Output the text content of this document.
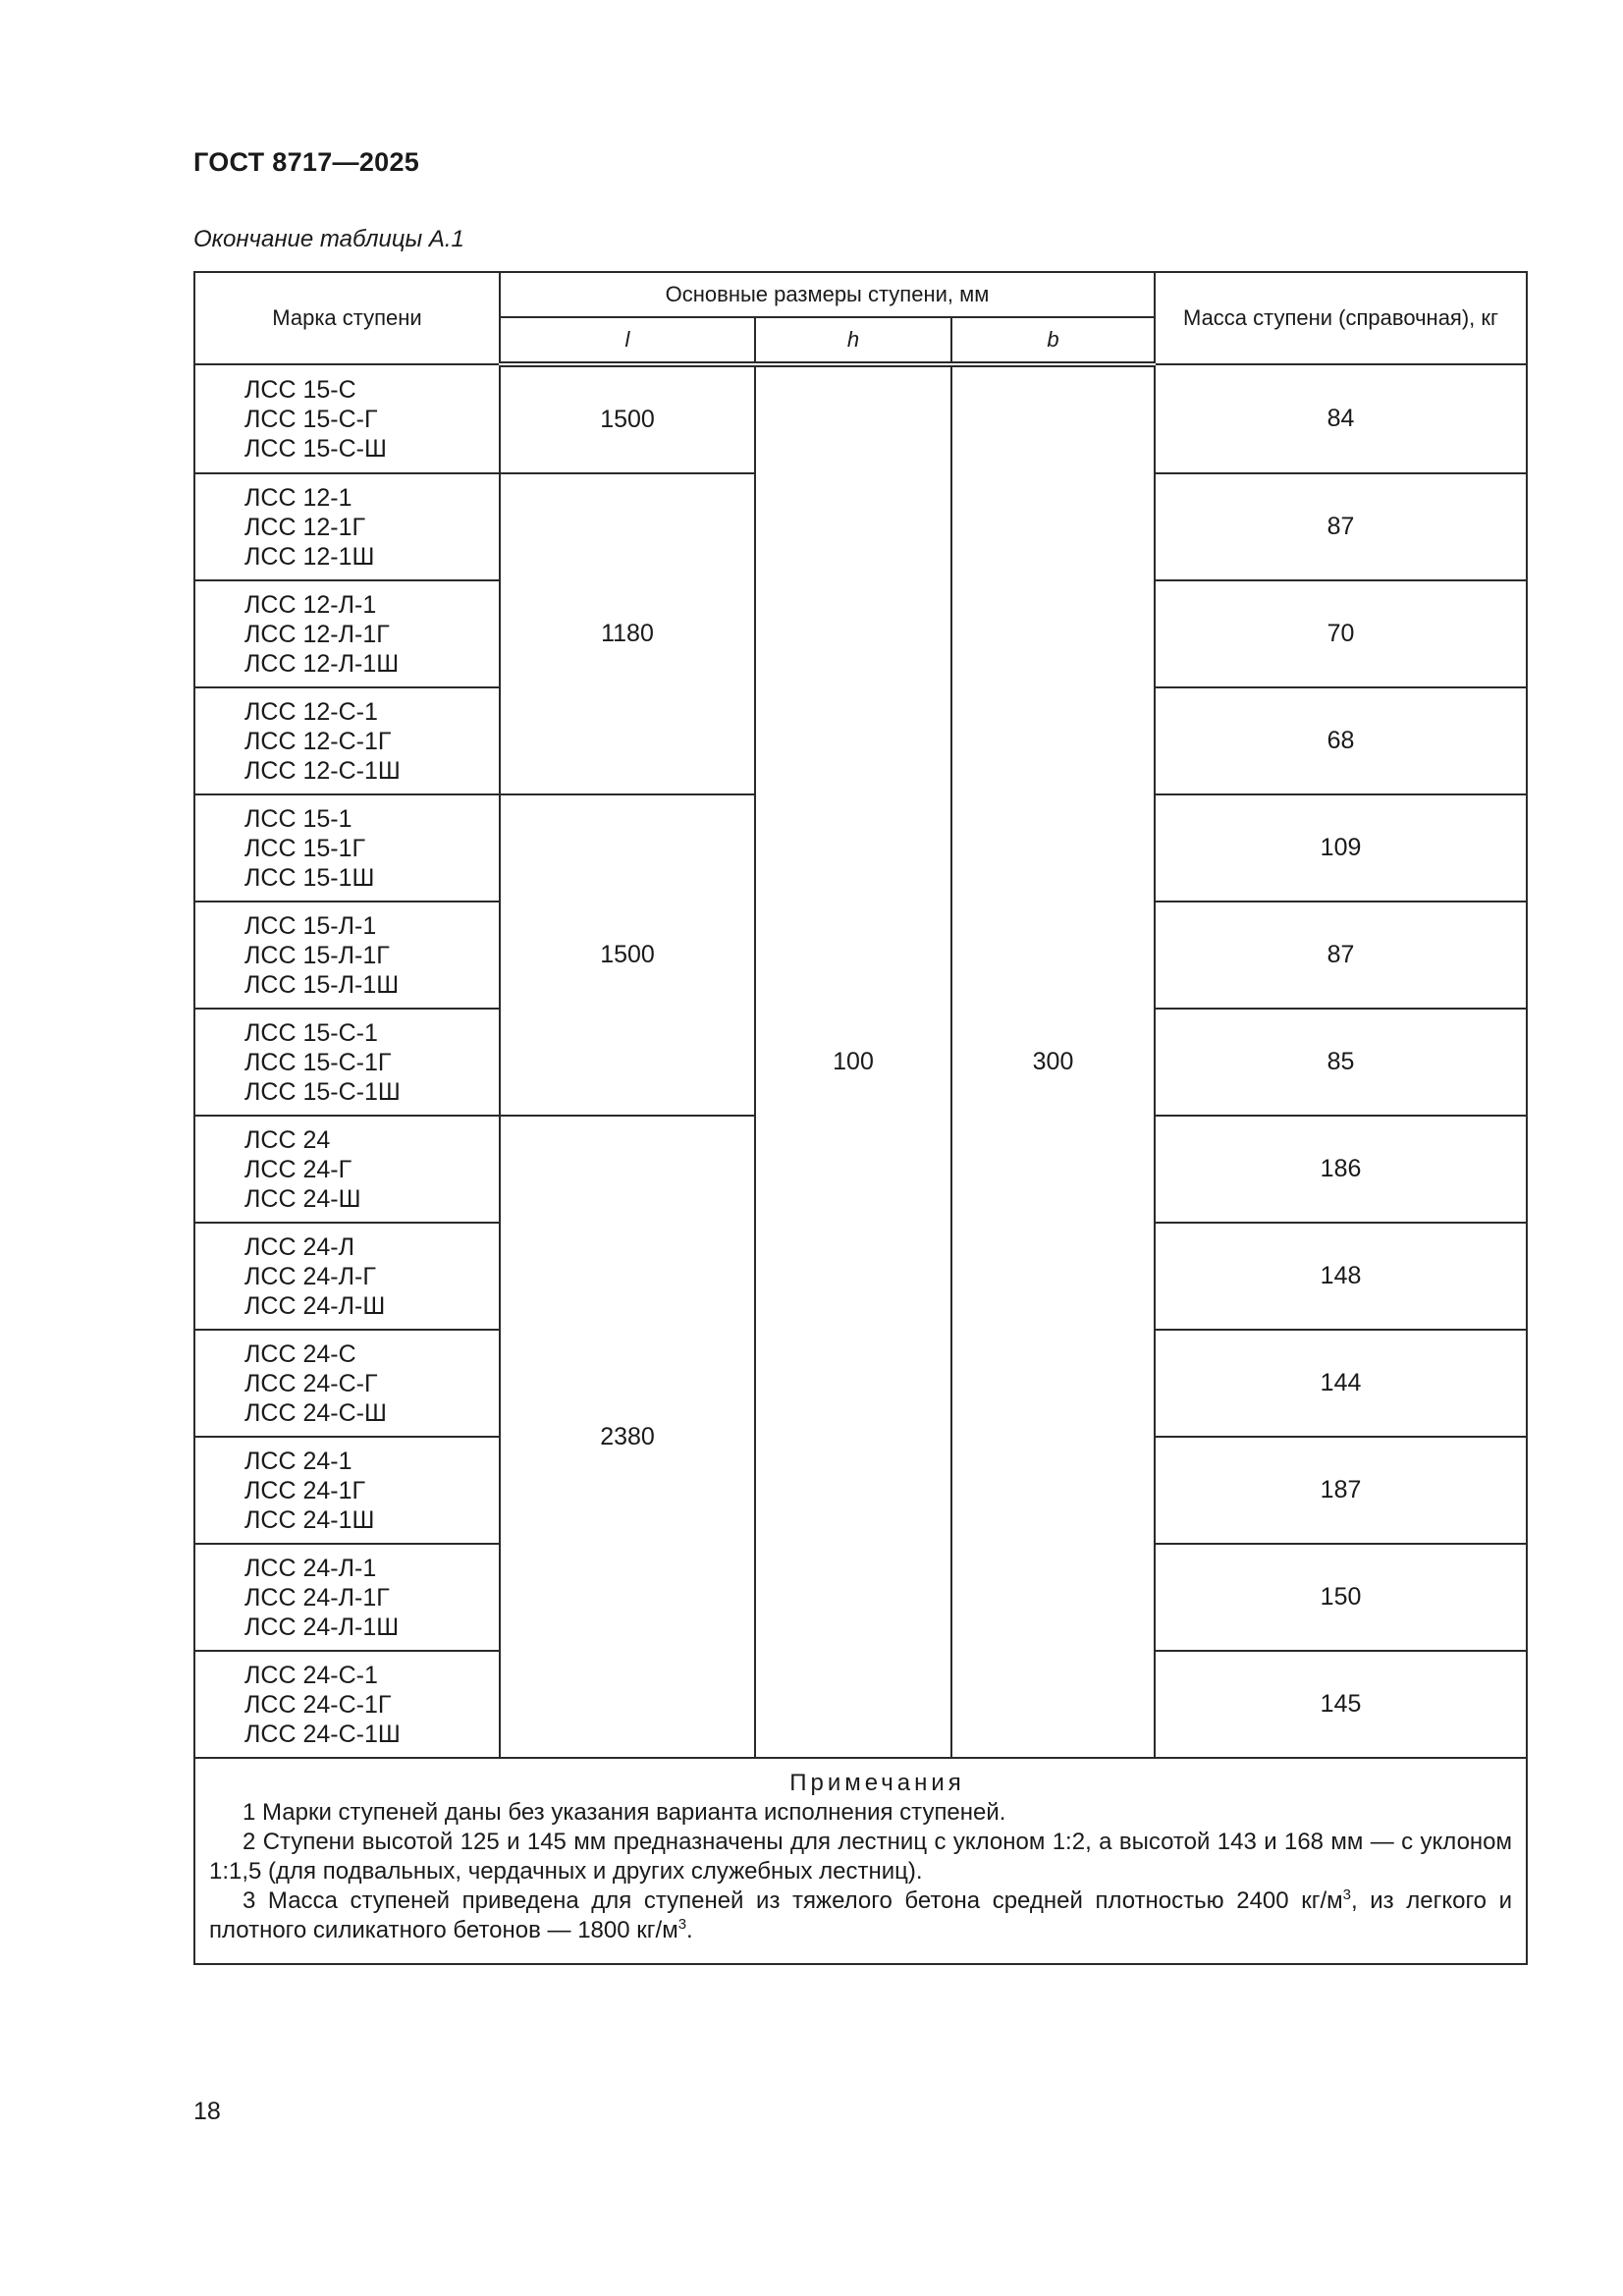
ГОСТ 8717—2025
Окончание таблицы А.1
Марка ступени	Основные размеры ступени, мм			Масса ступени (справочная), кг
	l	h	b	

ЛСС 15-С
ЛСС 15-С-Г
ЛСС 15-С-Ш	1500	100	300	84

ЛСС 12-1
ЛСС 12-1Г
ЛСС 12-1Ш	1180			87

ЛСС 12-Л-1
ЛСС 12-Л-1Г
ЛСС 12-Л-1Ш				70

ЛСС 12-С-1
ЛСС 12-С-1Г
ЛСС 12-С-1Ш				68

ЛСС 15-1
ЛСС 15-1Г
ЛСС 15-1Ш	1500			109

ЛСС 15-Л-1
ЛСС 15-Л-1Г
ЛСС 15-Л-1Ш				87

ЛСС 15-С-1
ЛСС 15-С-1Г
ЛСС 15-С-1Ш				85

ЛСС 24
ЛСС 24-Г
ЛСС 24-Ш	2380			186

ЛСС 24-Л
ЛСС 24-Л-Г
ЛСС 24-Л-Ш				148

ЛСС 24-С
ЛСС 24-С-Г
ЛСС 24-С-Ш				144

ЛСС 24-1
ЛСС 24-1Г
ЛСС 24-1Ш				187

ЛСС 24-Л-1
ЛСС 24-Л-1Г
ЛСС 24-Л-1Ш				150

ЛСС 24-С-1
ЛСС 24-С-1Г
ЛСС 24-С-1Ш				145

Примечания
1 Марки ступеней даны без указания варианта исполнения ступеней.
2 Ступени высотой 125 и 145 мм предназначены для лестниц с уклоном 1:2, а высотой 143 и 168 мм — с уклоном 1:1,5 (для подвальных, чердачных и других служебных лестниц).
3 Масса ступеней приведена для ступеней из тяжелого бетона средней плотностью 2400 $кг/м^3$, из легкого и плотного силикатного бетонов — 1800 $кг/м^3$.				
18
